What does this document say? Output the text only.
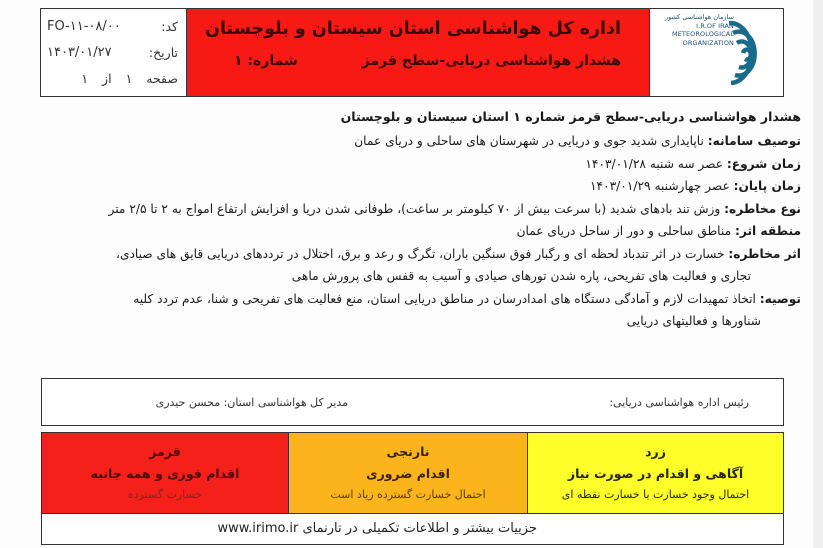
کد:
FO-۱۱-۰۸/۰۰
تاریخ:
۱۴۰۳/۰۱/۲۷
صفحه
۱
از
۱
اداره کل هواشناسی استان سیستان و بلوچستان
هشدار هواشناسی دریایی-سطح قرمز
شماره: ۱
سازمان هواشناسی کشور
I.R.OF IRAN
METEOROLOGICAL
ORGANIZATION
هشدار هواشناسی دریایی-سطح قرمز شماره ۱ استان سیستان و بلوچستان
توصیف سامانه: ناپایداری شدید جوی و دریایی در شهرستان های ساحلی و دریای عمان
زمان شروع: عصر سه شنبه ۱۴۰۳/۰۱/۲۸
زمان پایان: عصر چهارشنبه ۱۴۰۳/۰۱/۲۹
نوع مخاطره: وزش تند بادهای شدید (با سرعت بیش از ۷۰ کیلومتر بر ساعت)، طوفانی شدن دریا و افزایش ارتفاع امواج به ۲ تا ۲/۵ متر
منطقه اثر: مناطق ساحلی و دور از ساحل دریای عمان
اثر مخاطره: خسارت در اثر تندباد لحظه ای و رگبار فوق سنگین باران، تگرگ و رعد و برق، اختلال در ترددهای دریایی قایق های صیادی،
تجاری و فعالیت های تفریحی، پاره شدن تورهای صیادی و آسیب به قفس های پرورش ماهی
توصیه: اتخاذ تمهیدات لازم و آمادگی دستگاه های امدادرسان در مناطق دریایی استان، منع فعالیت های تفریحی و شنا، عدم تردد کلیه
شناورها و فعالیتهای دریایی
رئیس اداره هواشناسی دریایی:
مدیر کل هواشناسی استان: محسن حیدری
قرمز
اقدام فوری و همه جانبه
خسارت گسترده
نارنجی
اقدام ضروری
احتمال خسارت گسترده زیاد است
زرد
آگاهی و اقدام در صورت نیاز
احتمال وجود خسارت یا خسارت نقطه ای
جزییات بیشتر و اطلاعات تکمیلی در تارنمای www.irimo.ir
